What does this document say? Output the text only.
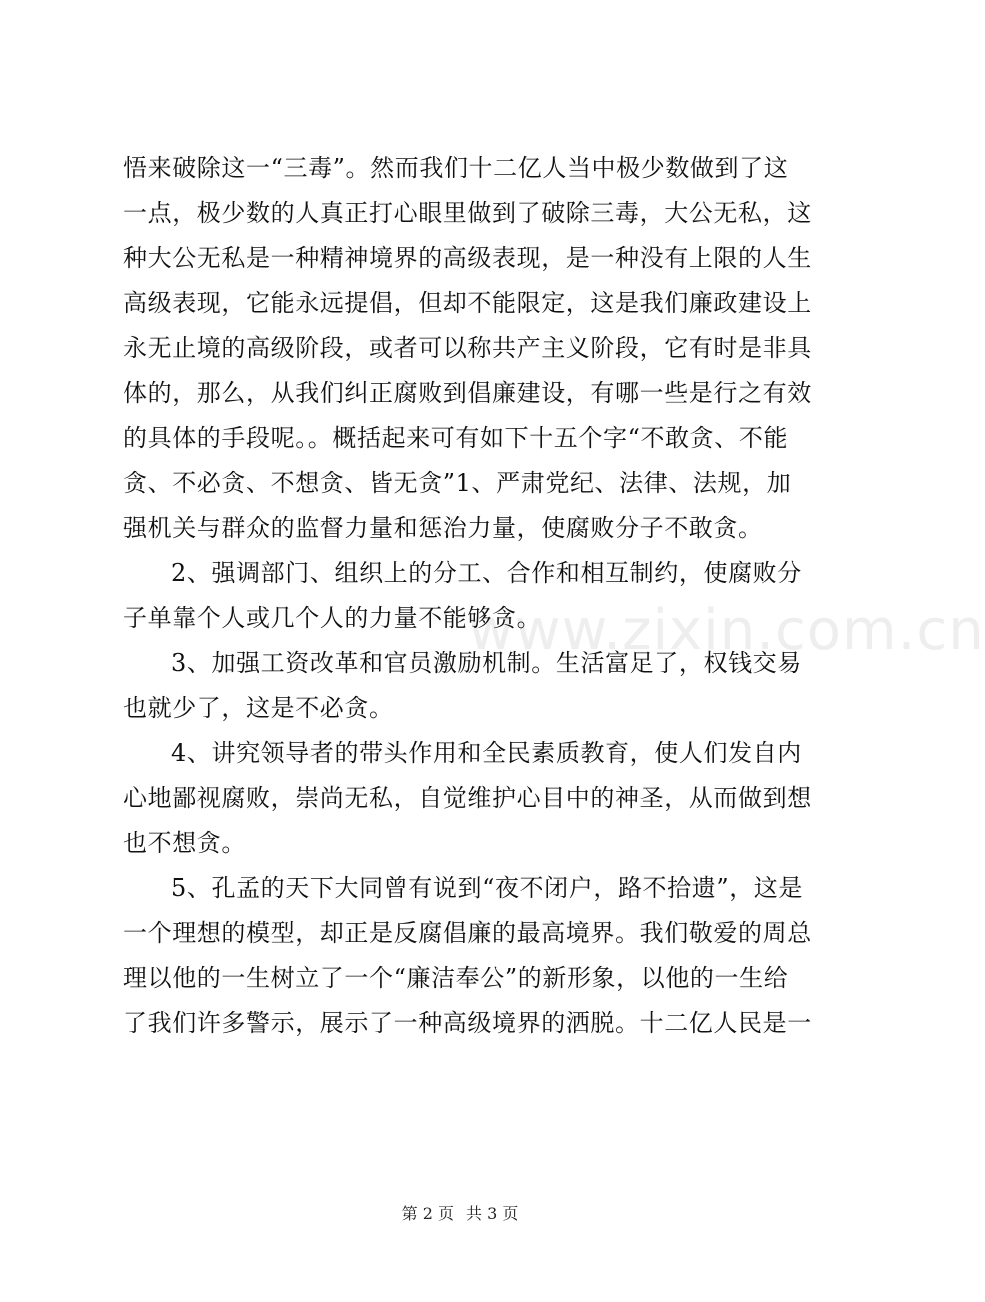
www.zixin.com.cn
悟来破除这一“三毒”。然而我们十二亿人当中极少数做到了这
一点，极少数的人真正打心眼里做到了破除三毒，大公无私，这
种大公无私是一种精神境界的高级表现，是一种没有上限的人生
高级表现，它能永远提倡，但却不能限定，这是我们廉政建设上
永无止境的高级阶段，或者可以称共产主义阶段，它有时是非具
体的，那么，从我们纠正腐败到倡廉建设，有哪一些是行之有效
的具体的手段呢。。概括起来可有如下十五个字“不敢贪、不能
贪、不必贪、不想贪、皆无贪”1、严肃党纪、法律、法规，加
强机关与群众的监督力量和惩治力量，使腐败分子不敢贪。
2、强调部门、组织上的分工、合作和相互制约，使腐败分
子单靠个人或几个人的力量不能够贪。
3、加强工资改革和官员激励机制。生活富足了，权钱交易
也就少了，这是不必贪。
4、讲究领导者的带头作用和全民素质教育，使人们发自内
心地鄙视腐败，崇尚无私，自觉维护心目中的神圣，从而做到想
也不想贪。
5、孔孟的天下大同曾有说到“夜不闭户，路不拾遗”，这是
一个理想的模型，却正是反腐倡廉的最高境界。我们敬爱的周总
理以他的一生树立了一个“廉洁奉公”的新形象，以他的一生给
了我们许多警示，展示了一种高级境界的洒脱。十二亿人民是一
第 2 页 共 3 页
